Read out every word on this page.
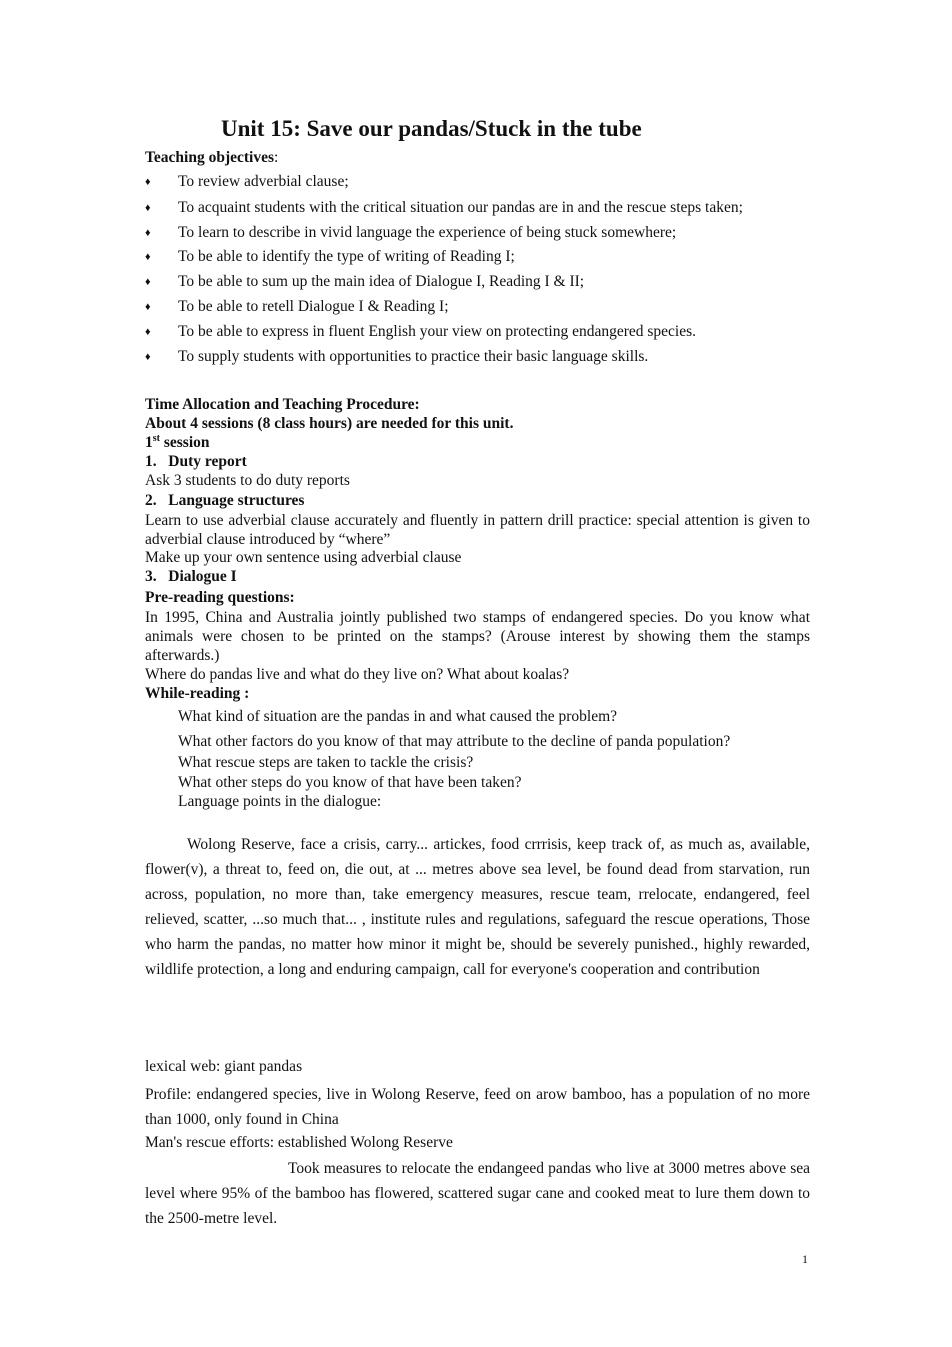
Unit 15: Save our pandas/Stuck in the tube
Teaching objectives:
♦ To review adverbial clause;
♦ To acquaint students with the critical situation our pandas are in and the rescue steps taken;
♦ To learn to describe in vivid language the experience of being stuck somewhere;
♦ To be able to identify the type of writing of Reading I;
♦ To be able to sum up the main idea of Dialogue I, Reading I & II;
♦ To be able to retell Dialogue I & Reading I;
♦ To be able to express in fluent English your view on protecting endangered species.
♦ To supply students with opportunities to practice their basic language skills.
Time Allocation and Teaching Procedure:
About 4 sessions (8 class hours) are needed for this unit.
1st session
1.   Duty report
Ask 3 students to do duty reports
2.   Language structures
Learn to use adverbial clause accurately and fluently in pattern drill practice: special attention is given to adverbial clause introduced by “where”
Make up your own sentence using adverbial clause
3.   Dialogue I
Pre-reading questions:
In 1995, China and Australia jointly published two stamps of endangered species. Do you know what animals were chosen to be printed on the stamps? (Arouse interest by showing them the stamps afterwards.)
Where do pandas live and what do they live on? What about koalas?
While-reading :
What kind of situation are the pandas in and what caused the problem?
What other factors do you know of that may attribute to the decline of panda population?
What rescue steps are taken to tackle the crisis?
What other steps do you know of that have been taken?
Language points in the dialogue:
Wolong Reserve, face a crisis, carry... artickes, food crrrisis, keep track of, as much as, available, flower(v), a threat to, feed on, die out, at ... metres above sea level, be found dead from starvation, run across, population, no more than, take emergency measures, rescue team, rrelocate, endangered, feel relieved, scatter, ...so much that... , institute rules and regulations, safeguard the rescue operations, Those who harm the pandas, no matter how minor it might be, should be severely punished., highly rewarded, wildlife protection, a long and enduring campaign, call for everyone's cooperation and contribution
lexical web: giant pandas
Profile: endangered species, live in Wolong Reserve, feed on arow bamboo, has a population of no more than 1000, only found in China
Man's rescue efforts: established Wolong Reserve
Took measures to relocate the endangeed pandas who live at 3000 metres above sea level where 95% of the bamboo has flowered, scattered sugar cane and cooked meat to lure them down to the 2500-metre level.
1
